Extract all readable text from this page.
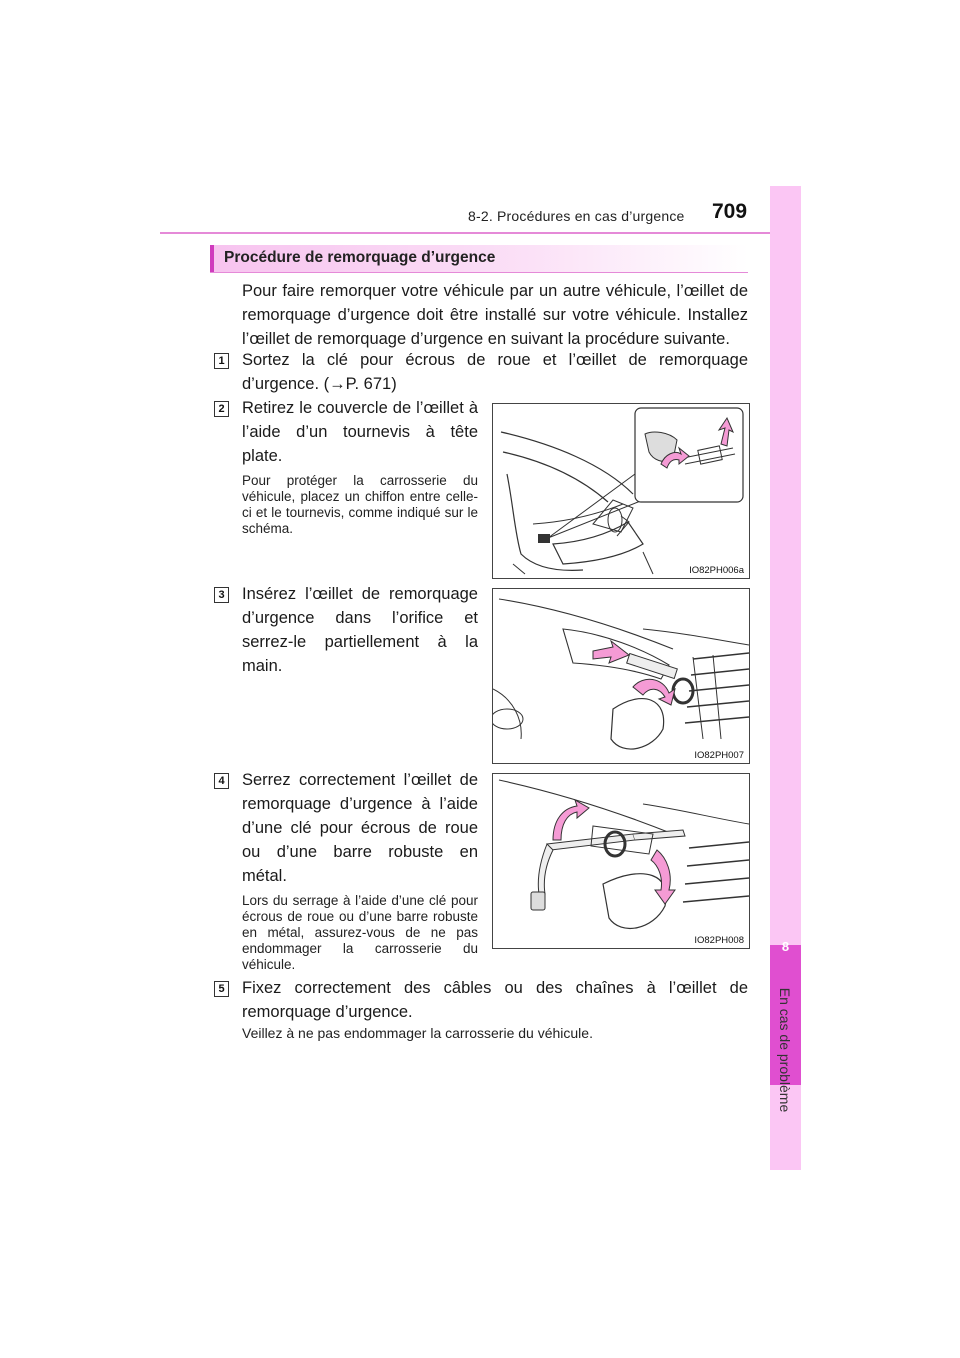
8-2. Procédures en cas d’urgence 709
8
En cas de problème
Procédure de remorquage d’urgence
Pour faire remorquer votre véhicule par un autre véhicule, l’œillet de remorquage d’urgence doit être installé sur votre véhicule. Installez l’œillet de remorquage d’urgence en suivant la procédure suivante.
1 Sortez la clé pour écrous de roue et l’œillet de remorquage d’urgence. (→P. 671)
2 Retirez le couvercle de l’œillet à l’aide d’un tournevis à tête plate.
Pour protéger la carrosserie du véhicule, placez un chiffon entre celle-ci et le tournevis, comme indiqué sur le schéma.
IO82PH006a
3 Insérez l’œillet de remorquage d’urgence dans l’orifice et serrez-le partiellement à la main.
IO82PH007
4 Serrez correctement l’œillet de remorquage d’urgence à l’aide d’une clé pour écrous de roue ou d’une barre robuste en métal.
Lors du serrage à l’aide d’une clé pour écrous de roue ou d’une barre robuste en métal, assurez-vous de ne pas endommager la carrosserie du véhicule.
IO82PH008
5 Fixez correctement des câbles ou des chaînes à l’œillet de remorquage d’urgence.
Veillez à ne pas endommager la carrosserie du véhicule.
